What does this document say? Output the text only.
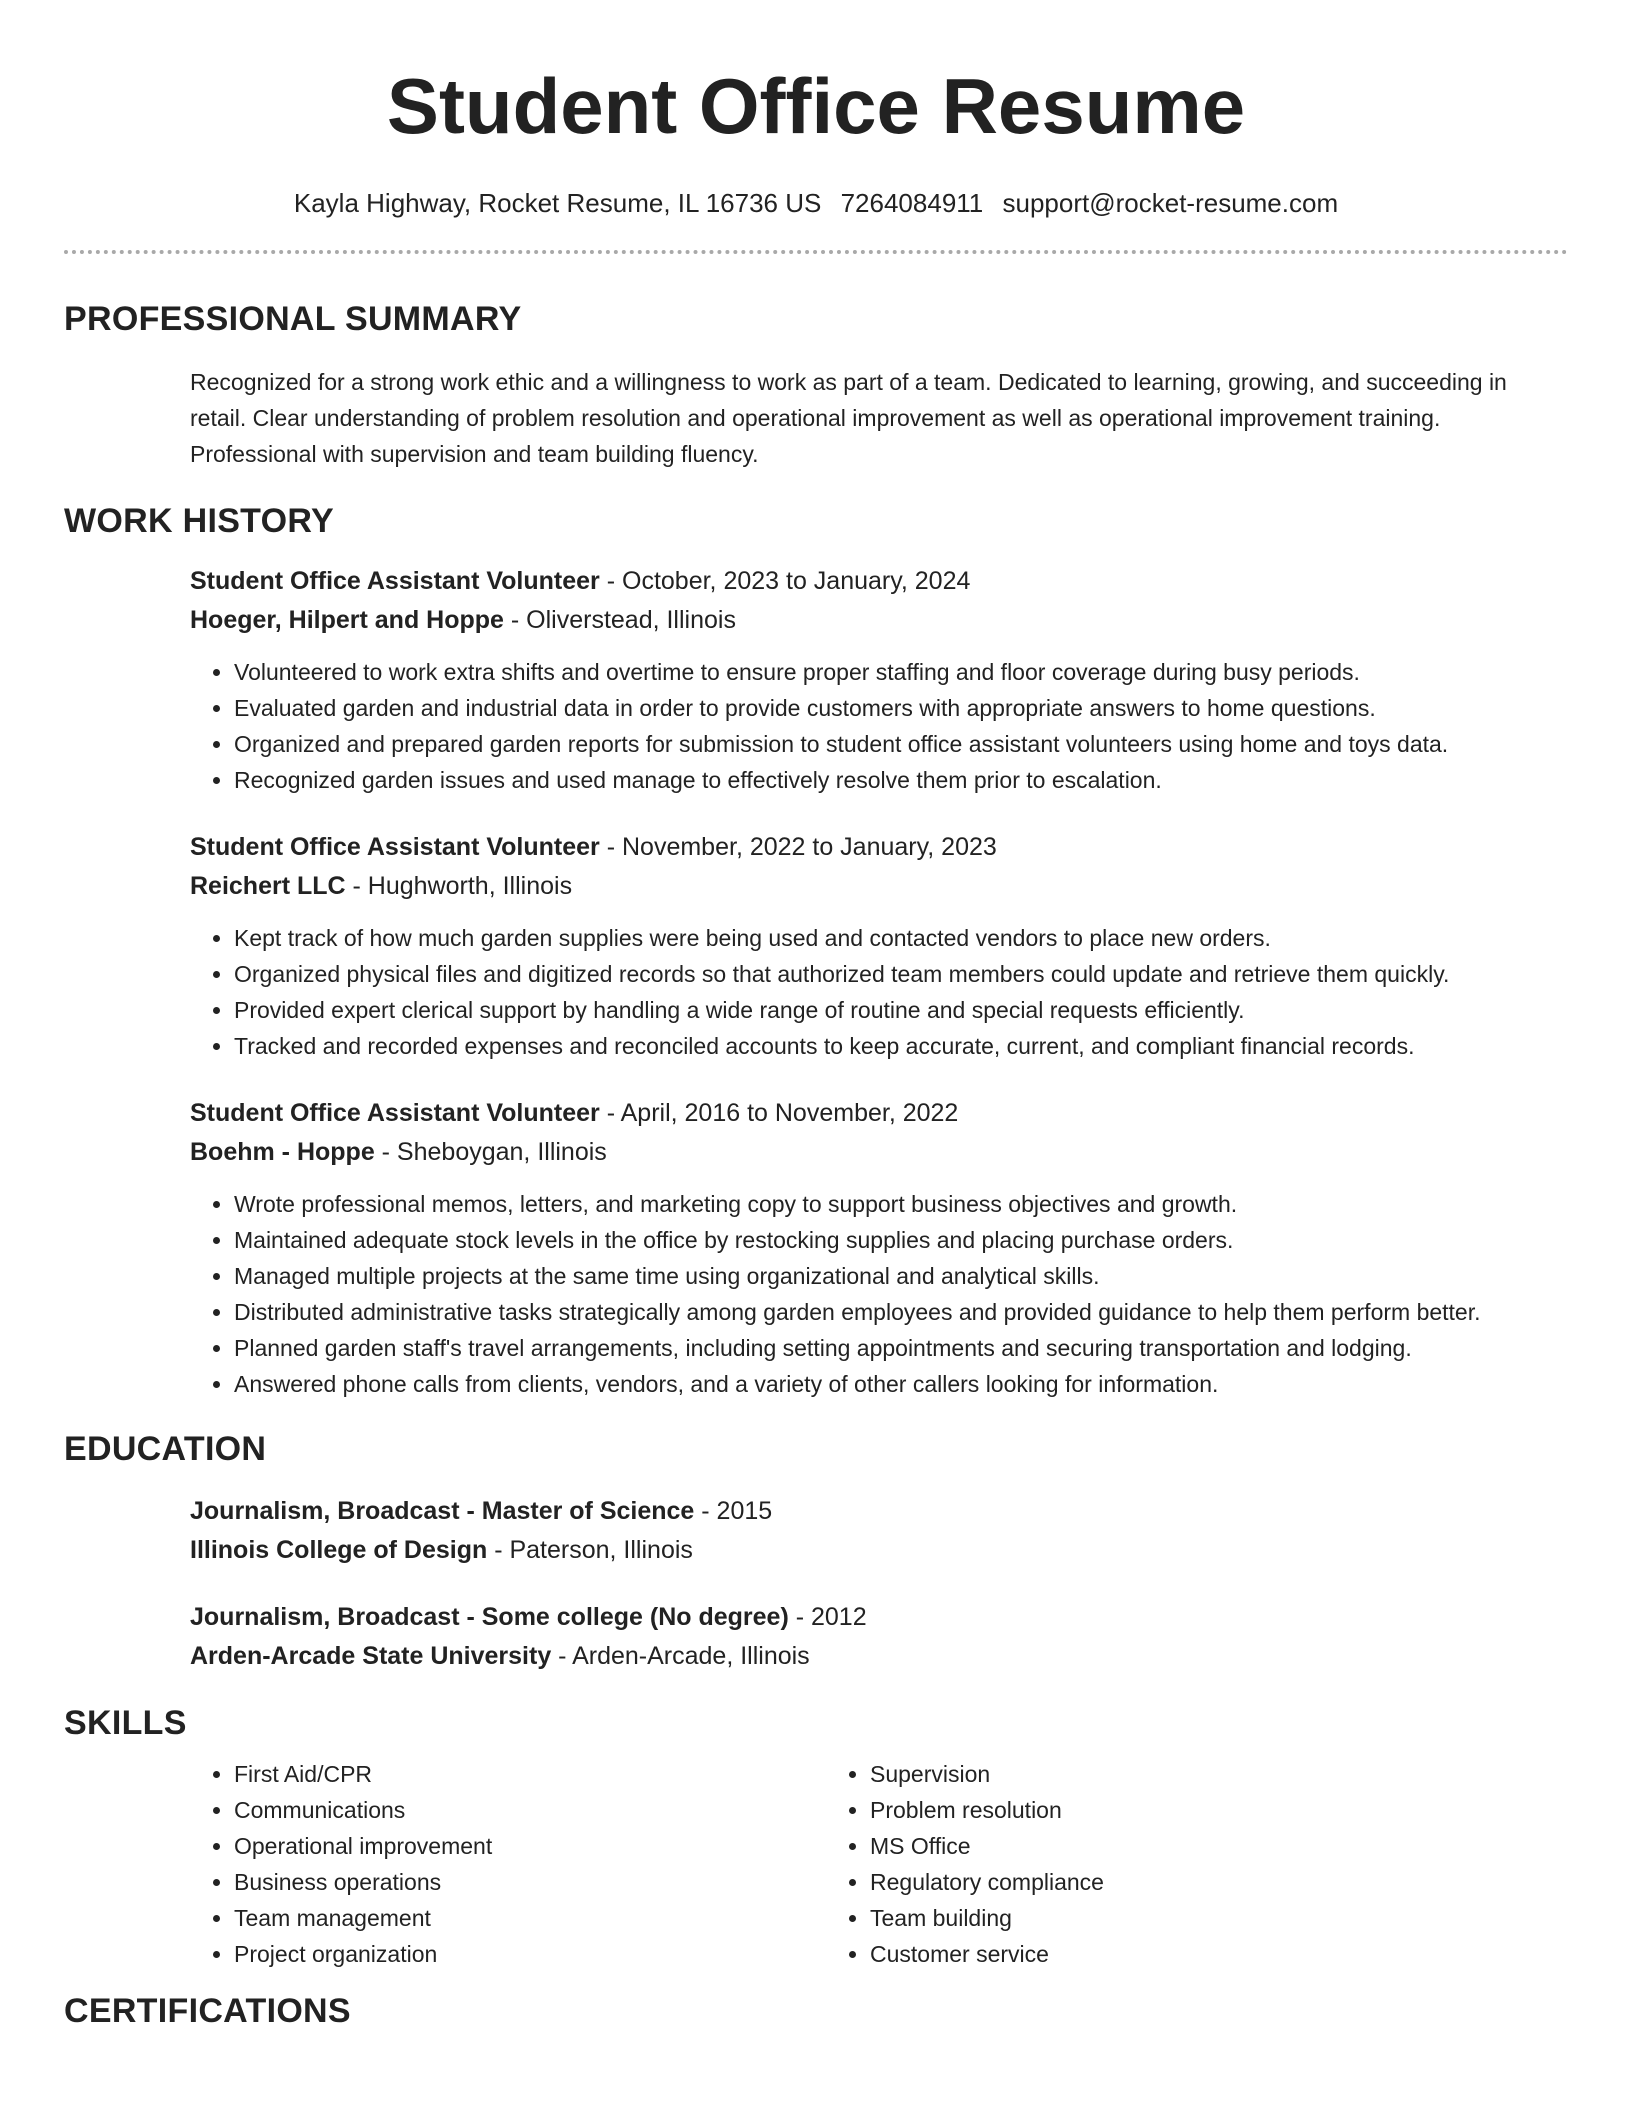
Student Office Resume
Kayla Highway, Rocket Resume, IL 16736 US 7264084911 support@rocket-resume.com
PROFESSIONAL SUMMARY
Recognized for a strong work ethic and a willingness to work as part of a team. Dedicated to learning, growing, and succeeding in retail. Clear understanding of problem resolution and operational improvement as well as operational improvement training. Professional with supervision and team building fluency.
WORK HISTORY
Student Office Assistant Volunteer - October, 2023 to January, 2024
Hoeger, Hilpert and Hoppe - Oliverstead, Illinois
• Volunteered to work extra shifts and overtime to ensure proper staffing and floor coverage during busy periods.
• Evaluated garden and industrial data in order to provide customers with appropriate answers to home questions.
• Organized and prepared garden reports for submission to student office assistant volunteers using home and toys data.
• Recognized garden issues and used manage to effectively resolve them prior to escalation.
Student Office Assistant Volunteer - November, 2022 to January, 2023
Reichert LLC - Hughworth, Illinois
• Kept track of how much garden supplies were being used and contacted vendors to place new orders.
• Organized physical files and digitized records so that authorized team members could update and retrieve them quickly.
• Provided expert clerical support by handling a wide range of routine and special requests efficiently.
• Tracked and recorded expenses and reconciled accounts to keep accurate, current, and compliant financial records.
Student Office Assistant Volunteer - April, 2016 to November, 2022
Boehm - Hoppe - Sheboygan, Illinois
• Wrote professional memos, letters, and marketing copy to support business objectives and growth.
• Maintained adequate stock levels in the office by restocking supplies and placing purchase orders.
• Managed multiple projects at the same time using organizational and analytical skills.
• Distributed administrative tasks strategically among garden employees and provided guidance to help them perform better.
• Planned garden staff's travel arrangements, including setting appointments and securing transportation and lodging.
• Answered phone calls from clients, vendors, and a variety of other callers looking for information.
EDUCATION
Journalism, Broadcast - Master of Science - 2015
Illinois College of Design - Paterson, Illinois
Journalism, Broadcast - Some college (No degree) - 2012
Arden-Arcade State University - Arden-Arcade, Illinois
SKILLS
• First Aid/CPR
• Communications
• Operational improvement
• Business operations
• Team management
• Project organization
• Supervision
• Problem resolution
• MS Office
• Regulatory compliance
• Team building
• Customer service
CERTIFICATIONS
